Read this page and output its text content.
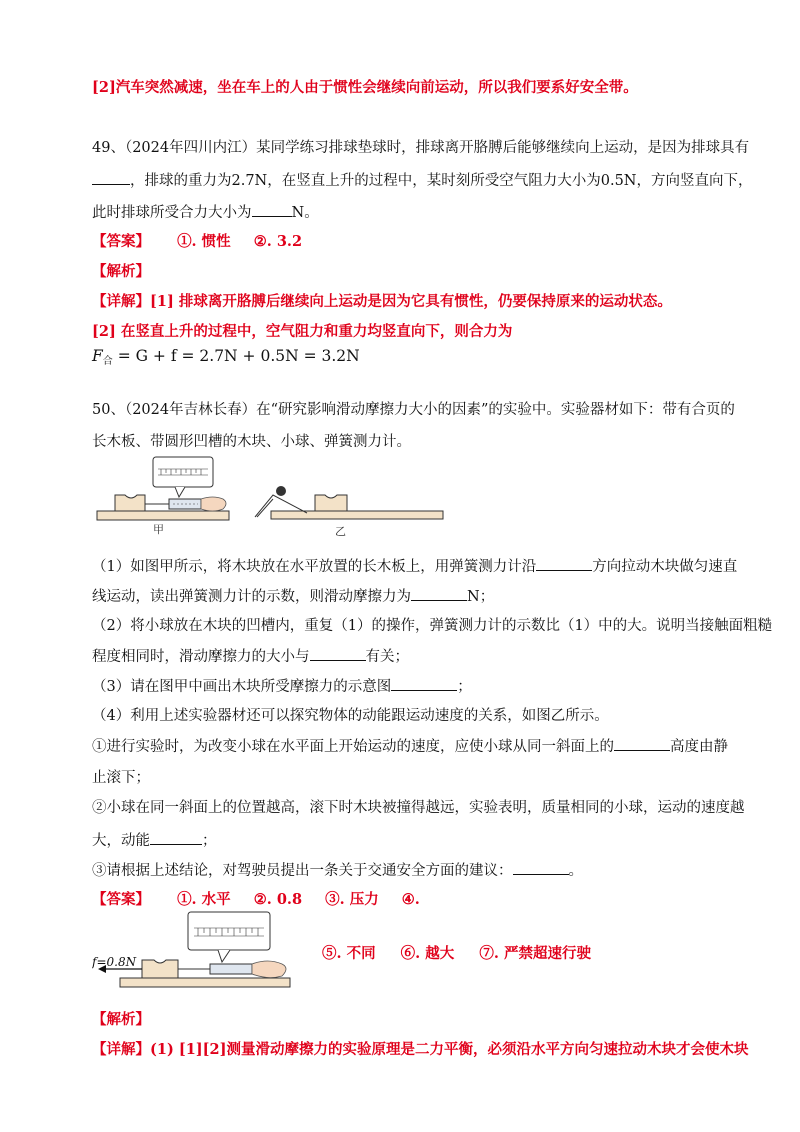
[2]汽车突然减速，坐在车上的人由于惯性会继续向前运动，所以我们要系好安全带。
49、（2024年四川内江）某同学练习排球垫球时，排球离开胳膊后能够继续向上运动，是因为排球具有
，排球的重力为2.7N，在竖直上升的过程中，某时刻所受空气阻力大小为0.5N，方向竖直向下，
此时排球所受合力大小为	N。
【答案】 ①. 惯性 ②. 3.2
【解析】
【详解】[1] 排球离开胳膊后继续向上运动是因为它具有惯性，仍要保持原来的运动状态。
[2] 在竖直上升的过程中，空气阻力和重力均竖直向下，则合力为
$F_合 = G + f = 2.7N + 0.5N = 3.2N$
50、（2024年吉林长春）在“研究影响滑动摩擦力大小的因素”的实验中。实验器材如下：带有合页的
长木板、带圆形凹槽的木块、小球、弹簧测力计。
甲	乙
（1）如图甲所示，将木块放在水平放置的长木板上，用弹簧测力计沿	方向拉动木块做匀速直
线运动，读出弹簧测力计的示数，则滑动摩擦力为	N；
（2）将小球放在木块的凹槽内，重复（1）的操作，弹簧测力计的示数比（1）中的大。说明当接触面粗糙
程度相同时，滑动摩擦力的大小与	有关；
（3）请在图甲中画出木块所受摩擦力的示意图	；
（4）利用上述实验器材还可以探究物体的动能跟运动速度的关系，如图乙所示。
①进行实验时，为改变小球在水平面上开始运动的速度，应使小球从同一斜面上的	高度由静
止滚下；
②小球在同一斜面上的位置越高，滚下时木块被撞得越远，实验表明，质量相同的小球，运动的速度越
大，动能	；
③请根据上述结论，对驾驶员提出一条关于交通安全方面的建议：	。
【答案】 ①. 水平 ②. 0.8 ③. 压力 ④.
f=0.8N	⑤. 不同 ⑥. 越大 ⑦. 严禁超速行驶
【解析】
【详解】(1) [1][2]测量滑动摩擦力的实验原理是二力平衡，必须沿水平方向匀速拉动木块才会使木块
